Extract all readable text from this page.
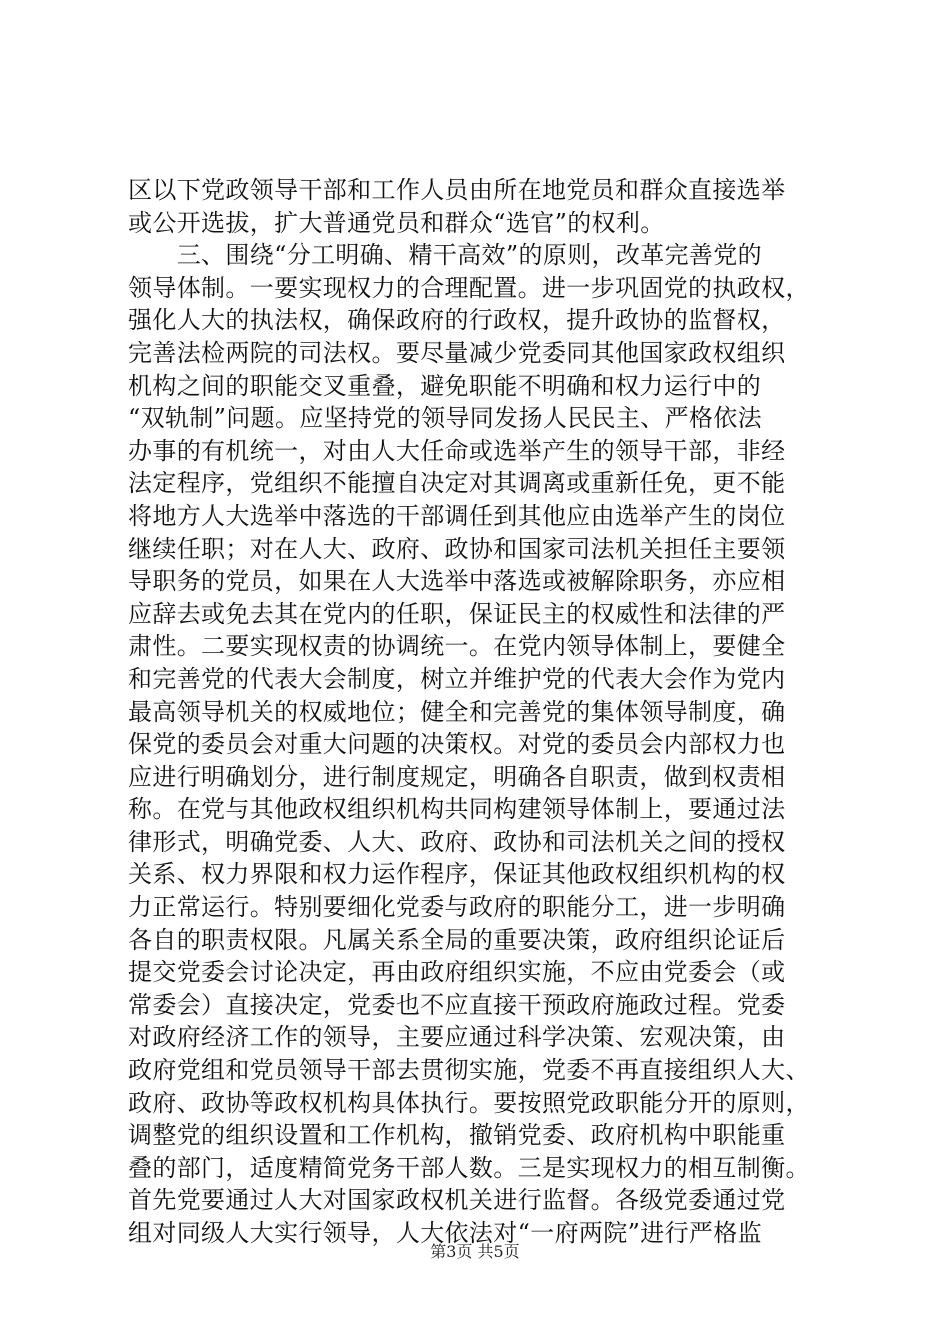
区以下党政领导干部和工作人员由所在地党员和群众直接选举
或公开选拔，扩大普通党员和群众“选官”的权利。
　　三、围绕“分工明确、精干高效”的原则，改革完善党的
领导体制。一要实现权力的合理配置。进一步巩固党的执政权，
强化人大的执法权，确保政府的行政权，提升政协的监督权，
完善法检两院的司法权。要尽量减少党委同其他国家政权组织
机构之间的职能交叉重叠，避免职能不明确和权力运行中的
“双轨制”问题。应坚持党的领导同发扬人民民主、严格依法
办事的有机统一，对由人大任命或选举产生的领导干部，非经
法定程序，党组织不能擅自决定对其调离或重新任免，更不能
将地方人大选举中落选的干部调任到其他应由选举产生的岗位
继续任职；对在人大、政府、政协和国家司法机关担任主要领
导职务的党员，如果在人大选举中落选或被解除职务，亦应相
应辞去或免去其在党内的任职，保证民主的权威性和法律的严
肃性。二要实现权责的协调统一。在党内领导体制上，要健全
和完善党的代表大会制度，树立并维护党的代表大会作为党内
最高领导机关的权威地位；健全和完善党的集体领导制度，确
保党的委员会对重大问题的决策权。对党的委员会内部权力也
应进行明确划分，进行制度规定，明确各自职责，做到权责相
称。在党与其他政权组织机构共同构建领导体制上，要通过法
律形式，明确党委、人大、政府、政协和司法机关之间的授权
关系、权力界限和权力运作程序，保证其他政权组织机构的权
力正常运行。特别要细化党委与政府的职能分工，进一步明确
各自的职责权限。凡属关系全局的重要决策，政府组织论证后
提交党委会讨论决定，再由政府组织实施，不应由党委会（或
常委会）直接决定，党委也不应直接干预政府施政过程。党委
对政府经济工作的领导，主要应通过科学决策、宏观决策，由
政府党组和党员领导干部去贯彻实施，党委不再直接组织人大、
政府、政协等政权机构具体执行。要按照党政职能分开的原则，
调整党的组织设置和工作机构，撤销党委、政府机构中职能重
叠的部门，适度精简党务干部人数。三是实现权力的相互制衡。
首先党要通过人大对国家政权机关进行监督。各级党委通过党
组对同级人大实行领导，人大依法对“一府两院”进行严格监
第3页 共5页
